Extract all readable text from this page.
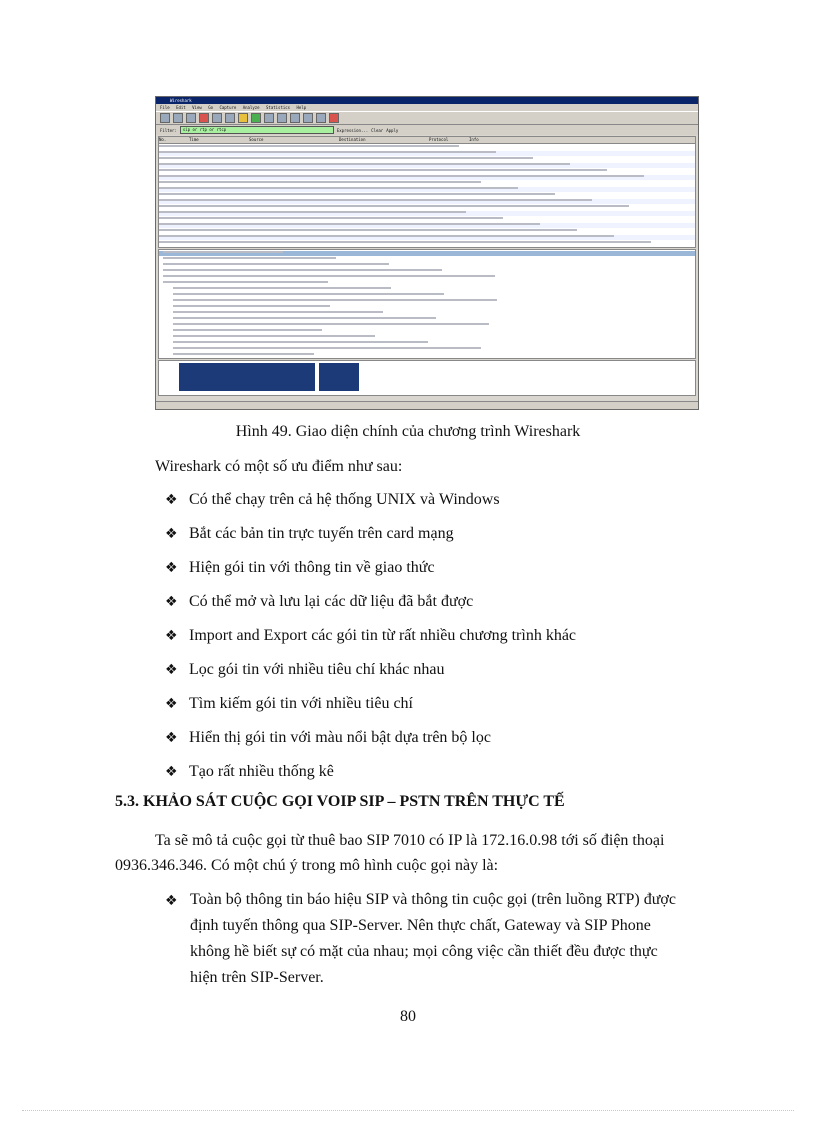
Wireshark
File Edit View Go Capture Analyze Statistics Help
Filter:	sip or rtp or rtcp	Expression... Clear Apply
No.	Time	Source	Destination	Protocol	Info
Hình 49. Giao diện chính của chương trình Wireshark
Wireshark có một số ưu điểm như sau:
❖ Có thể chạy trên cả hệ thống UNIX và Windows
❖ Bắt các bản tin trực tuyến trên card mạng
❖ Hiện gói tin với thông tin về giao thức
❖ Có thể mở và lưu lại các dữ liệu đã bắt được
❖ Import and Export các gói tin từ rất nhiều chương trình khác
❖ Lọc gói tin với nhiều tiêu chí khác nhau
❖ Tìm kiếm gói tin với nhiều tiêu chí
❖ Hiển thị gói tin với màu nổi bật dựa trên bộ lọc
❖ Tạo rất nhiều thống kê
5.3. KHẢO SÁT CUỘC GỌI VOIP SIP – PSTN TRÊN THỰC TẾ
Ta sẽ mô tả cuộc gọi từ thuê bao SIP 7010 có IP là 172.16.0.98 tới số điện thoại
0936.346.346. Có một chú ý trong mô hình cuộc gọi này là:
❖ Toàn bộ thông tin báo hiệu SIP và thông tin cuộc gọi (trên luồng RTP) được
định tuyến thông qua SIP-Server. Nên thực chất, Gateway và SIP Phone
không hề biết sự có mặt của nhau; mọi công việc cần thiết đều được thực
hiện trên SIP-Server.
80
